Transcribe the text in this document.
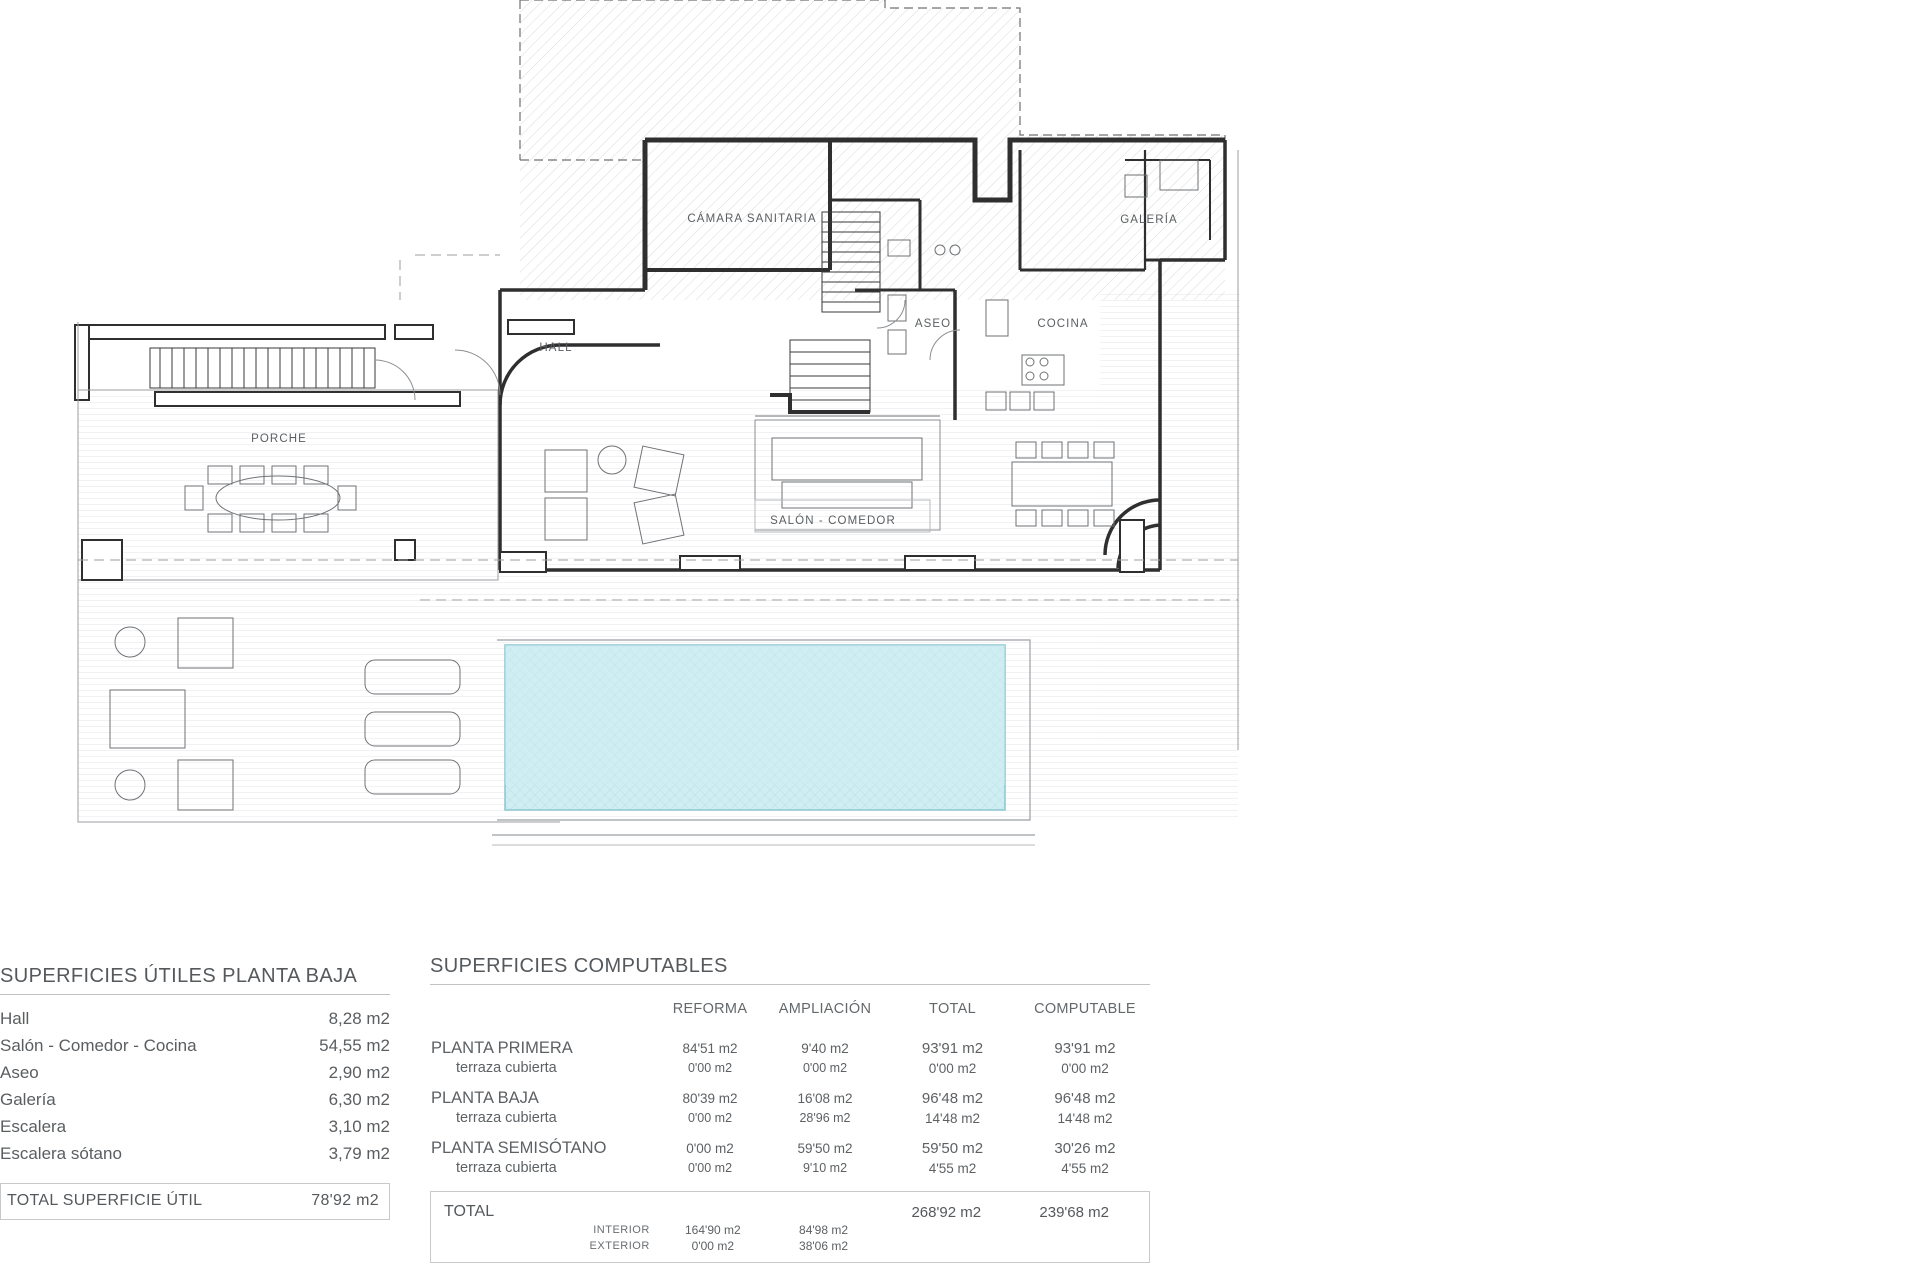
CÁMARA SANITARIA	GALERÍA
ASEO	COCINA
HALL
PORCHE
SALÓN - COMEDOR
SUPERFICIES ÚTILES PLANTA BAJA
Hall	8,28 m2
Salón - Comedor - Cocina	54,55 m2
Aseo	2,90 m2
Galería	6,30 m2
Escalera	3,10 m2
Escalera sótano	3,79 m2
TOTAL SUPERFICIE ÚTIL	78'92 m2
SUPERFICIES COMPUTABLES
	REFORMA	AMPLIACIÓN	TOTAL	COMPUTABLE
PLANTA PRIMERA	84'51 m2	9'40 m2	93'91 m2	93'91 m2
terraza cubierta	0'00 m2	0'00 m2	0'00 m2	0'00 m2
PLANTA BAJA	80'39 m2	16'08 m2	96'48 m2	96'48 m2
terraza cubierta	0'00 m2	28'96 m2	14'48 m2	14'48 m2
PLANTA SEMISÓTANO	0'00 m2	59'50 m2	59'50 m2	30'26 m2
terraza cubierta	0'00 m2	9'10 m2	4'55 m2	4'55 m2
TOTAL			268'92 m2	239'68 m2
INTERIOR	164'90 m2	84'98 m2		
EXTERIOR	0'00 m2	38'06 m2		
